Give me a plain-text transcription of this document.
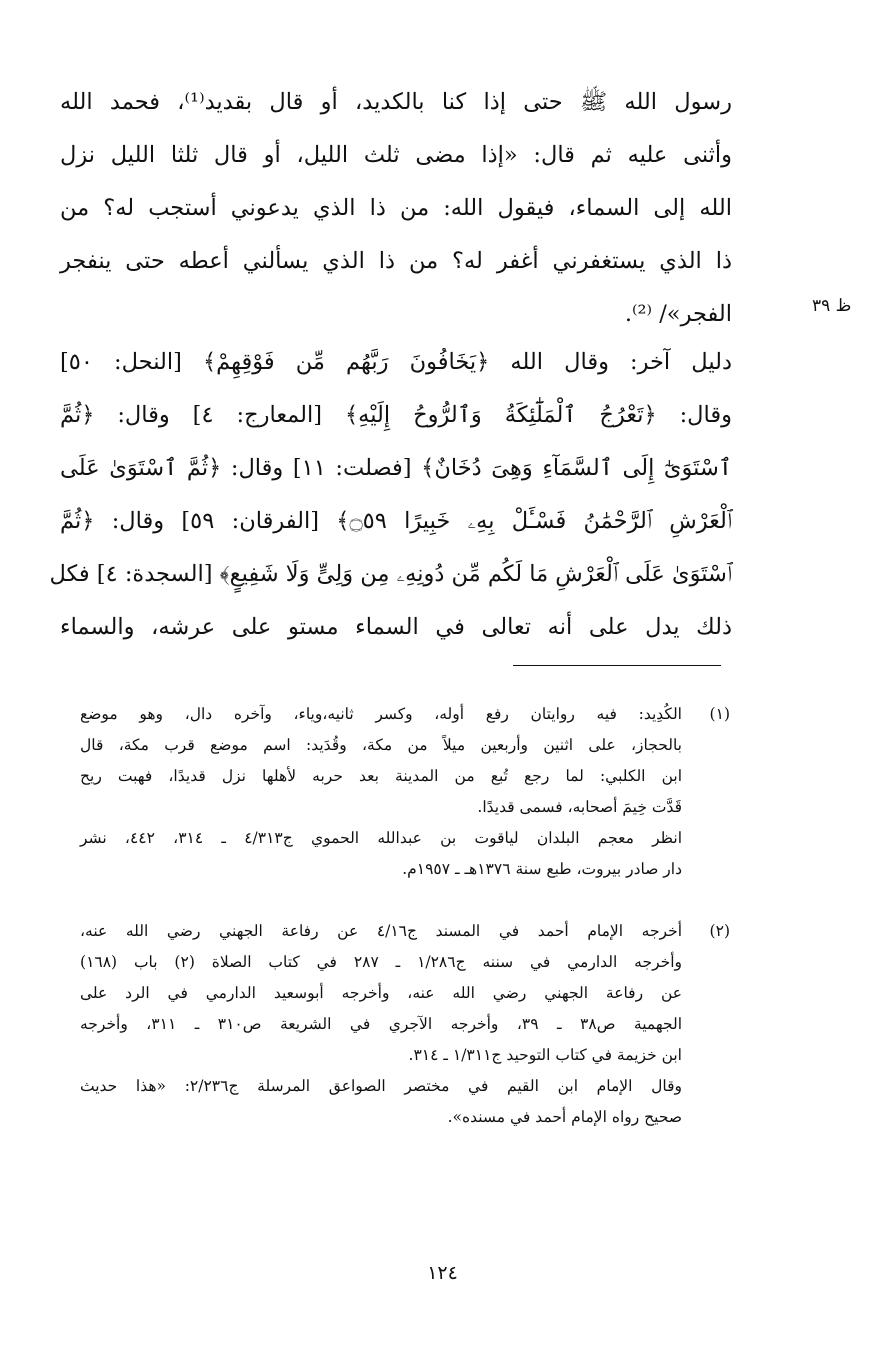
رسول الله ﷺ حتى إذا كنا بالكديد، أو قال بقديد⁽¹⁾، فحمد الله
وأثنى عليه ثم قال: «إذا مضى ثلث الليل، أو قال ثلثا الليل نزل
الله إلى السماء، فيقول الله: من ذا الذي يدعوني أستجب له؟ من
ذا الذي يستغفرني أغفر له؟ من ذا الذي يسألني أعطه حتى ينفجر
الفجر»/ ⁽²⁾.	ظ ٣٩
دليل آخر: وقال الله ﴿يَخَافُونَ رَبَّهُم مِّن فَوْقِهِمْ﴾ [النحل: ٥٠]
وقال: ﴿تَعْرُجُ ٱلْمَلَٰٓئِكَةُ وَٱلرُّوحُ إِلَيْهِ﴾ [المعارج: ٤] وقال: ﴿ثُمَّ
ٱسْتَوَىٰٓ إِلَى ٱلسَّمَآءِ وَهِىَ دُخَانٌ﴾ [فصلت: ١١] وقال: ﴿ثُمَّ ٱسْتَوَىٰ عَلَى
ٱلْعَرْشِ ٱلرَّحْمَٰنُ فَسْـَٔلْ بِهِۦ خَبِيرًا ۝٥٩﴾ [الفرقان: ٥٩] وقال: ﴿ثُمَّ
ٱسْتَوَىٰ عَلَى ٱلْعَرْشِ مَا لَكُم مِّن دُونِهِۦ مِن وَلِىٍّ وَلَا شَفِيعٍ﴾ [السجدة: ٤] فكل
ذلك يدل على أنه تعالى في السماء مستو على عرشه، والسماء
(١)
الكُدِيد: فيه روايتان رفع أوله، وكسر ثانيه،وياء، وآخره دال، وهو موضع
بالحجاز، على اثنين وأربعين ميلاً من مكة، وقُدَيد: اسم موضع قرب مكة، قال
ابن الكلبي: لما رجع تُبع من المدينة بعد حربه لأهلها نزل قديدًا، فهبت ريح
قَدَّت خِيمَ أصحابه، فسمى قديدًا.
انظر معجم البلدان لياقوت بن عبدالله الحموي ج٤/٣١٣ ـ ٣١٤، ٤٤٢، نشر
دار صادر بيروت، طبع سنة ١٣٧٦هـ ـ ١٩٥٧م.
(٢)
أخرجه الإمام أحمد في المسند ج٤/١٦ عن رفاعة الجهني رضي الله عنه،
وأخرجه الدارمي في سننه ج١/٢٨٦ ـ ٢٨٧ في كتاب الصلاة (٢) باب (١٦٨)
عن رفاعة الجهني رضي الله عنه، وأخرجه أبوسعيد الدارمي في الرد على
الجهمية ص٣٨ ـ ٣٩، وأخرجه الآجري في الشريعة ص٣١٠ ـ ٣١١، وأخرجه
ابن خزيمة في كتاب التوحيد ج١/٣١١ ـ ٣١٤.
وقال الإمام ابن القيم في مختصر الصواعق المرسلة ج٢/٢٣٦: «هذا حديث
صحيح رواه الإمام أحمد في مسنده».
١٢٤
